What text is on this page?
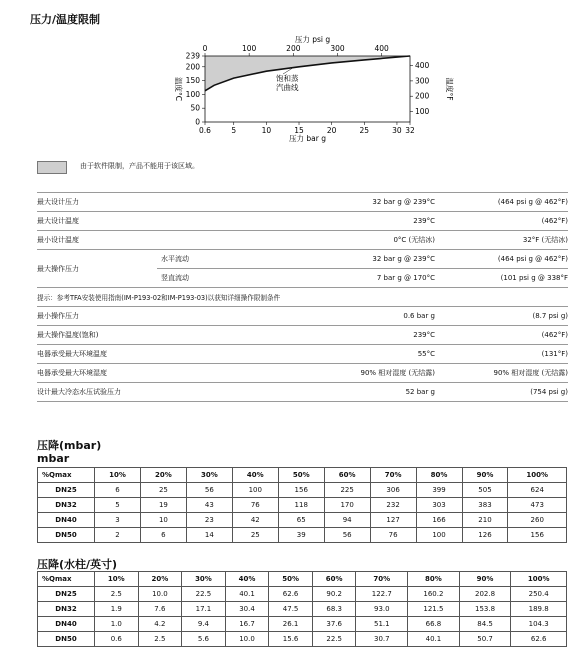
压力/温度限制
0.6	5	10	15	20	25	30 32
0	100	200	300	400
239
200
150
100
50
0
400
300
200
100
压力 bar g
压力 psi g
温度°C	温度°F
饱和蒸
汽曲线
由于软件限制，产品不能用于该区域。
最大设计压力		32 bar g @ 239°C	(464 psi g @ 462°F)
最大设计温度		239°C	(462°F)
最小设计温度		0°C (无结冰)	32°F (无结冰)
最大操作压力	水平流动	32 bar g @ 239°C	(464 psi g @ 462°F)
	竖直流动	7 bar g @ 170°C	(101 psi g @ 338°F
提示：参考TFA安装使用指南(IM-P193-02和IM-P193-03)以获知详细操作限制条件			
最小操作压力		0.6 bar g	(8.7 psi g)
最大操作温度(饱和)		239°C	(462°F)
电器承受最大环境温度		55°C	(131°F)
电器承受最大环境湿度		90% 相对湿度 (无结露)	90% 相对湿度 (无结露)
设计最大冷态水压试验压力		52 bar g	(754 psi g)
压降(mbar)
mbar
%Qmax	10%	20%	30%	40%	50%	60%	70%	80%	90%	100%
DN25	6	25	56	100	156	225	306	399	505	624
DN32	5	19	43	76	118	170	232	303	383	473
DN40	3	10	23	42	65	94	127	166	210	260
DN50	2	6	14	25	39	56	76	100	126	156
压降(水柱/英寸)
%Qmax	10%	20%	30%	40%	50%	60%	70%	80%	90%	100%
DN25	2.5	10.0	22.5	40.1	62.6	90.2	122.7	160.2	202.8	250.4
DN32	1.9	7.6	17.1	30.4	47.5	68.3	93.0	121.5	153.8	189.8
DN40	1.0	4.2	9.4	16.7	26.1	37.6	51.1	66.8	84.5	104.3
DN50	0.6	2.5	5.6	10.0	15.6	22.5	30.7	40.1	50.7	62.6
